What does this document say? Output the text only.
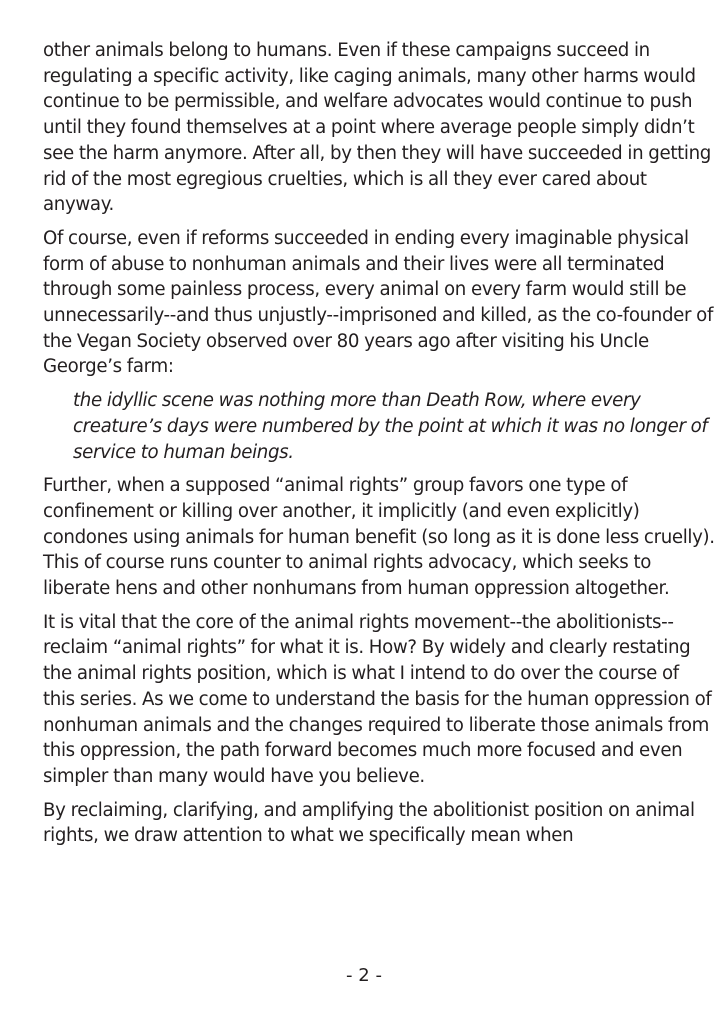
other animals belong to humans. Even if these campaigns succeed in regulating a specific activity, like caging animals, many other harms would continue to be permissible, and welfare advocates would continue to push until they found themselves at a point where average people simply didn’t see the harm anymore. After all, by then they will have succeeded in getting rid of the most egregious cruelties, which is all they ever cared about anyway.

Of course, even if reforms succeeded in ending every imaginable physical form of abuse to nonhuman animals and their lives were all terminated through some painless process, every animal on every farm would still be unnecessarily--and thus unjustly--imprisoned and killed, as the co-founder of the Vegan Society observed over 80 years ago after visiting his Uncle George’s farm:

the idyllic scene was nothing more than Death Row, where every creature’s days were numbered by the point at which it was no longer of service to human beings.

Further, when a supposed “animal rights” group favors one type of confinement or killing over another, it implicitly (and even explicitly) condones using animals for human benefit (so long as it is done less cruelly). This of course runs counter to animal rights advocacy, which seeks to liberate hens and other nonhumans from human oppression altogether.

It is vital that the core of the animal rights movement--the abolitionists--reclaim “animal rights” for what it is. How? By widely and clearly restating the animal rights position, which is what I intend to do over the course of this series. As we come to understand the basis for the human oppression of nonhuman animals and the changes required to liberate those animals from this oppression, the path forward becomes much more focused and even simpler than many would have you believe.

By reclaiming, clarifying, and amplifying the abolitionist position on animal rights, we draw attention to what we specifically mean when

- 2 -
